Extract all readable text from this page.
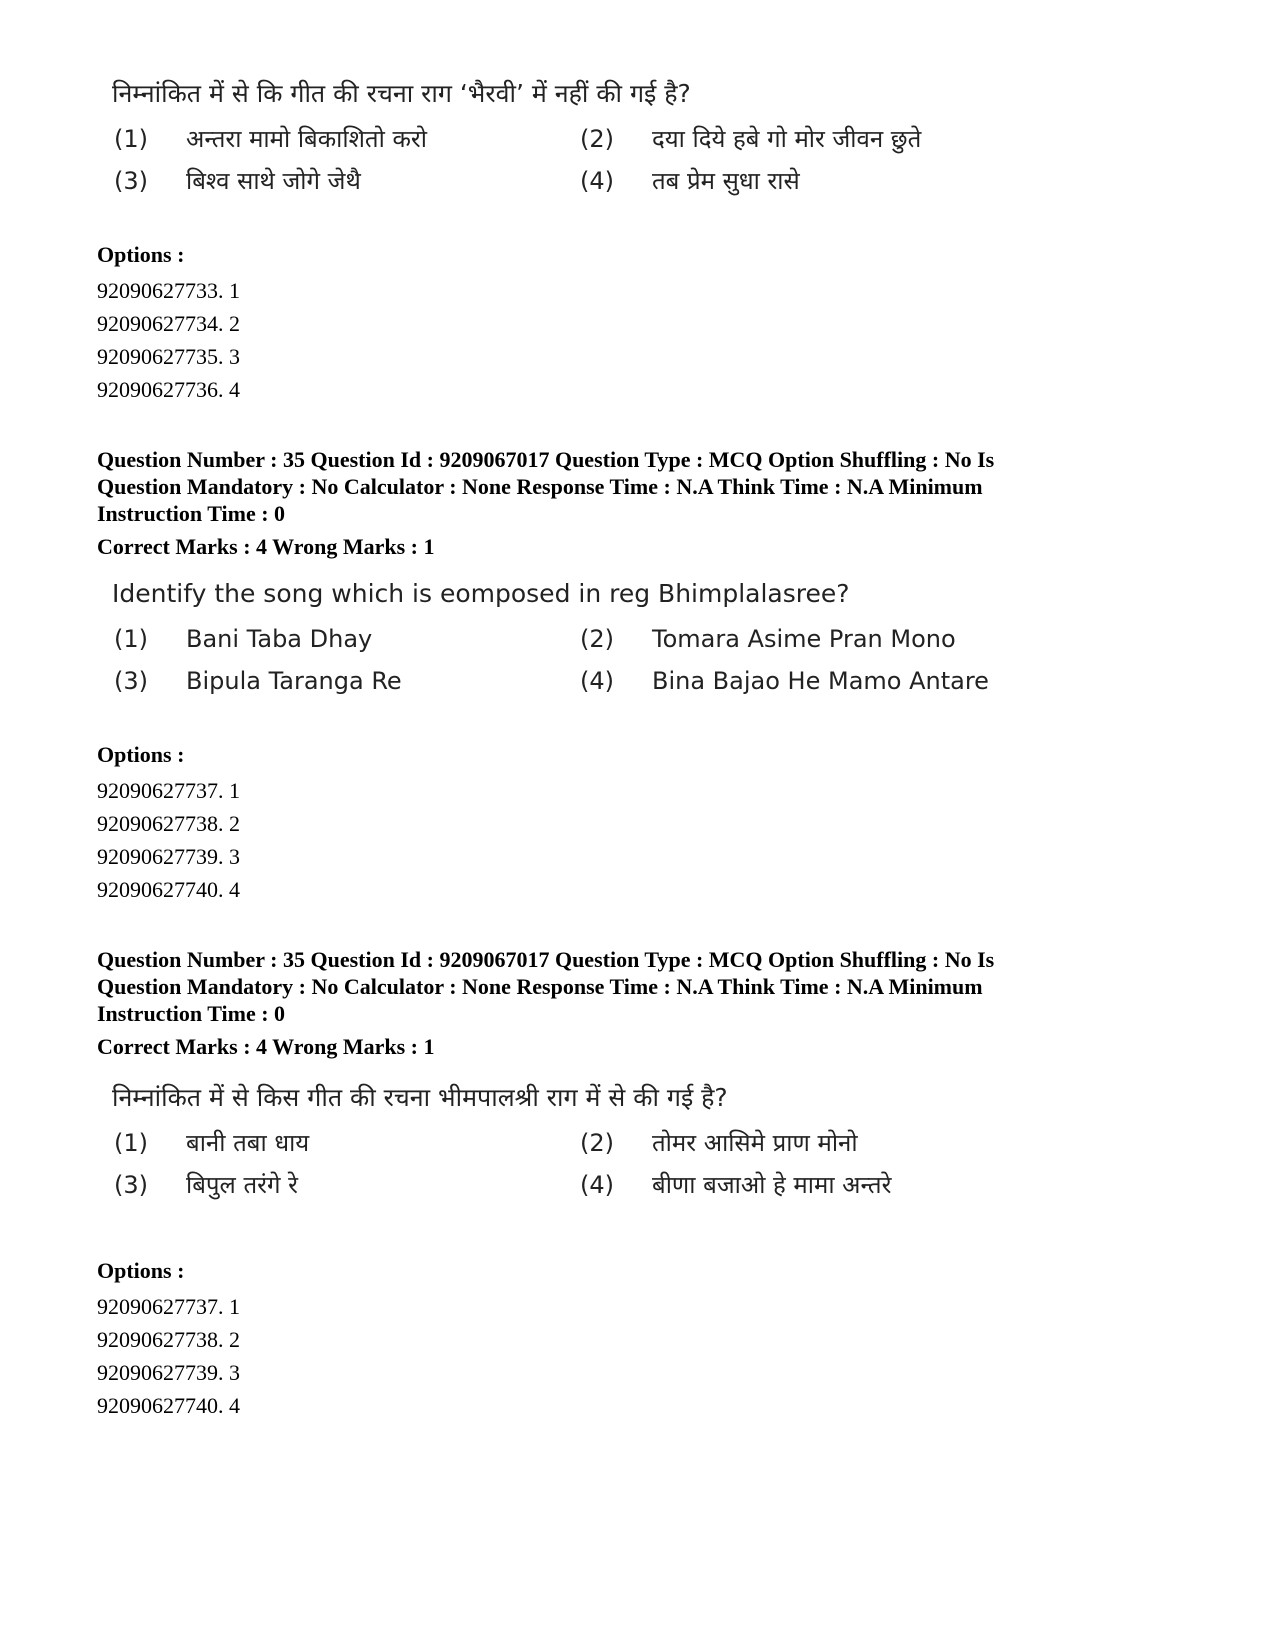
निम्नांकित में से कि गीत की रचना राग ‘भैरवी’ में नहीं की गई है?

(1) अन्तरा मामो बिकाशितो करो	(2) दया दिये हबे गो मोर जीवन छुते
(3) बिश्व साथे जोगे जेथै	(4) तब प्रेम सुधा रासे

Options :

92090627733. 1

92090627734. 2

92090627735. 3

92090627736. 4

Question Number : 35 Question Id : 9209067017 Question Type : MCQ Option Shuffling : No Is
Question Mandatory : No Calculator : None Response Time : N.A Think Time : N.A Minimum
Instruction Time : 0
Correct Marks : 4 Wrong Marks : 1

Identify the song which is eomposed in reg Bhimplalasree?

(1) Bani Taba Dhay	(2) Tomara Asime Pran Mono
(3) Bipula Taranga Re	(4) Bina Bajao He Mamo Antare

Options :

92090627737. 1

92090627738. 2

92090627739. 3

92090627740. 4

Question Number : 35 Question Id : 9209067017 Question Type : MCQ Option Shuffling : No Is
Question Mandatory : No Calculator : None Response Time : N.A Think Time : N.A Minimum
Instruction Time : 0
Correct Marks : 4 Wrong Marks : 1

निम्नांकित में से किस गीत की रचना भीमपालश्री राग में से की गई है?

(1) बानी तबा धाय	(2) तोमर आसिमे प्राण मोनो
(3) बिपुल तरंगे रे	(4) बीणा बजाओ हे मामा अन्तरे

Options :

92090627737. 1

92090627738. 2

92090627739. 3

92090627740. 4
